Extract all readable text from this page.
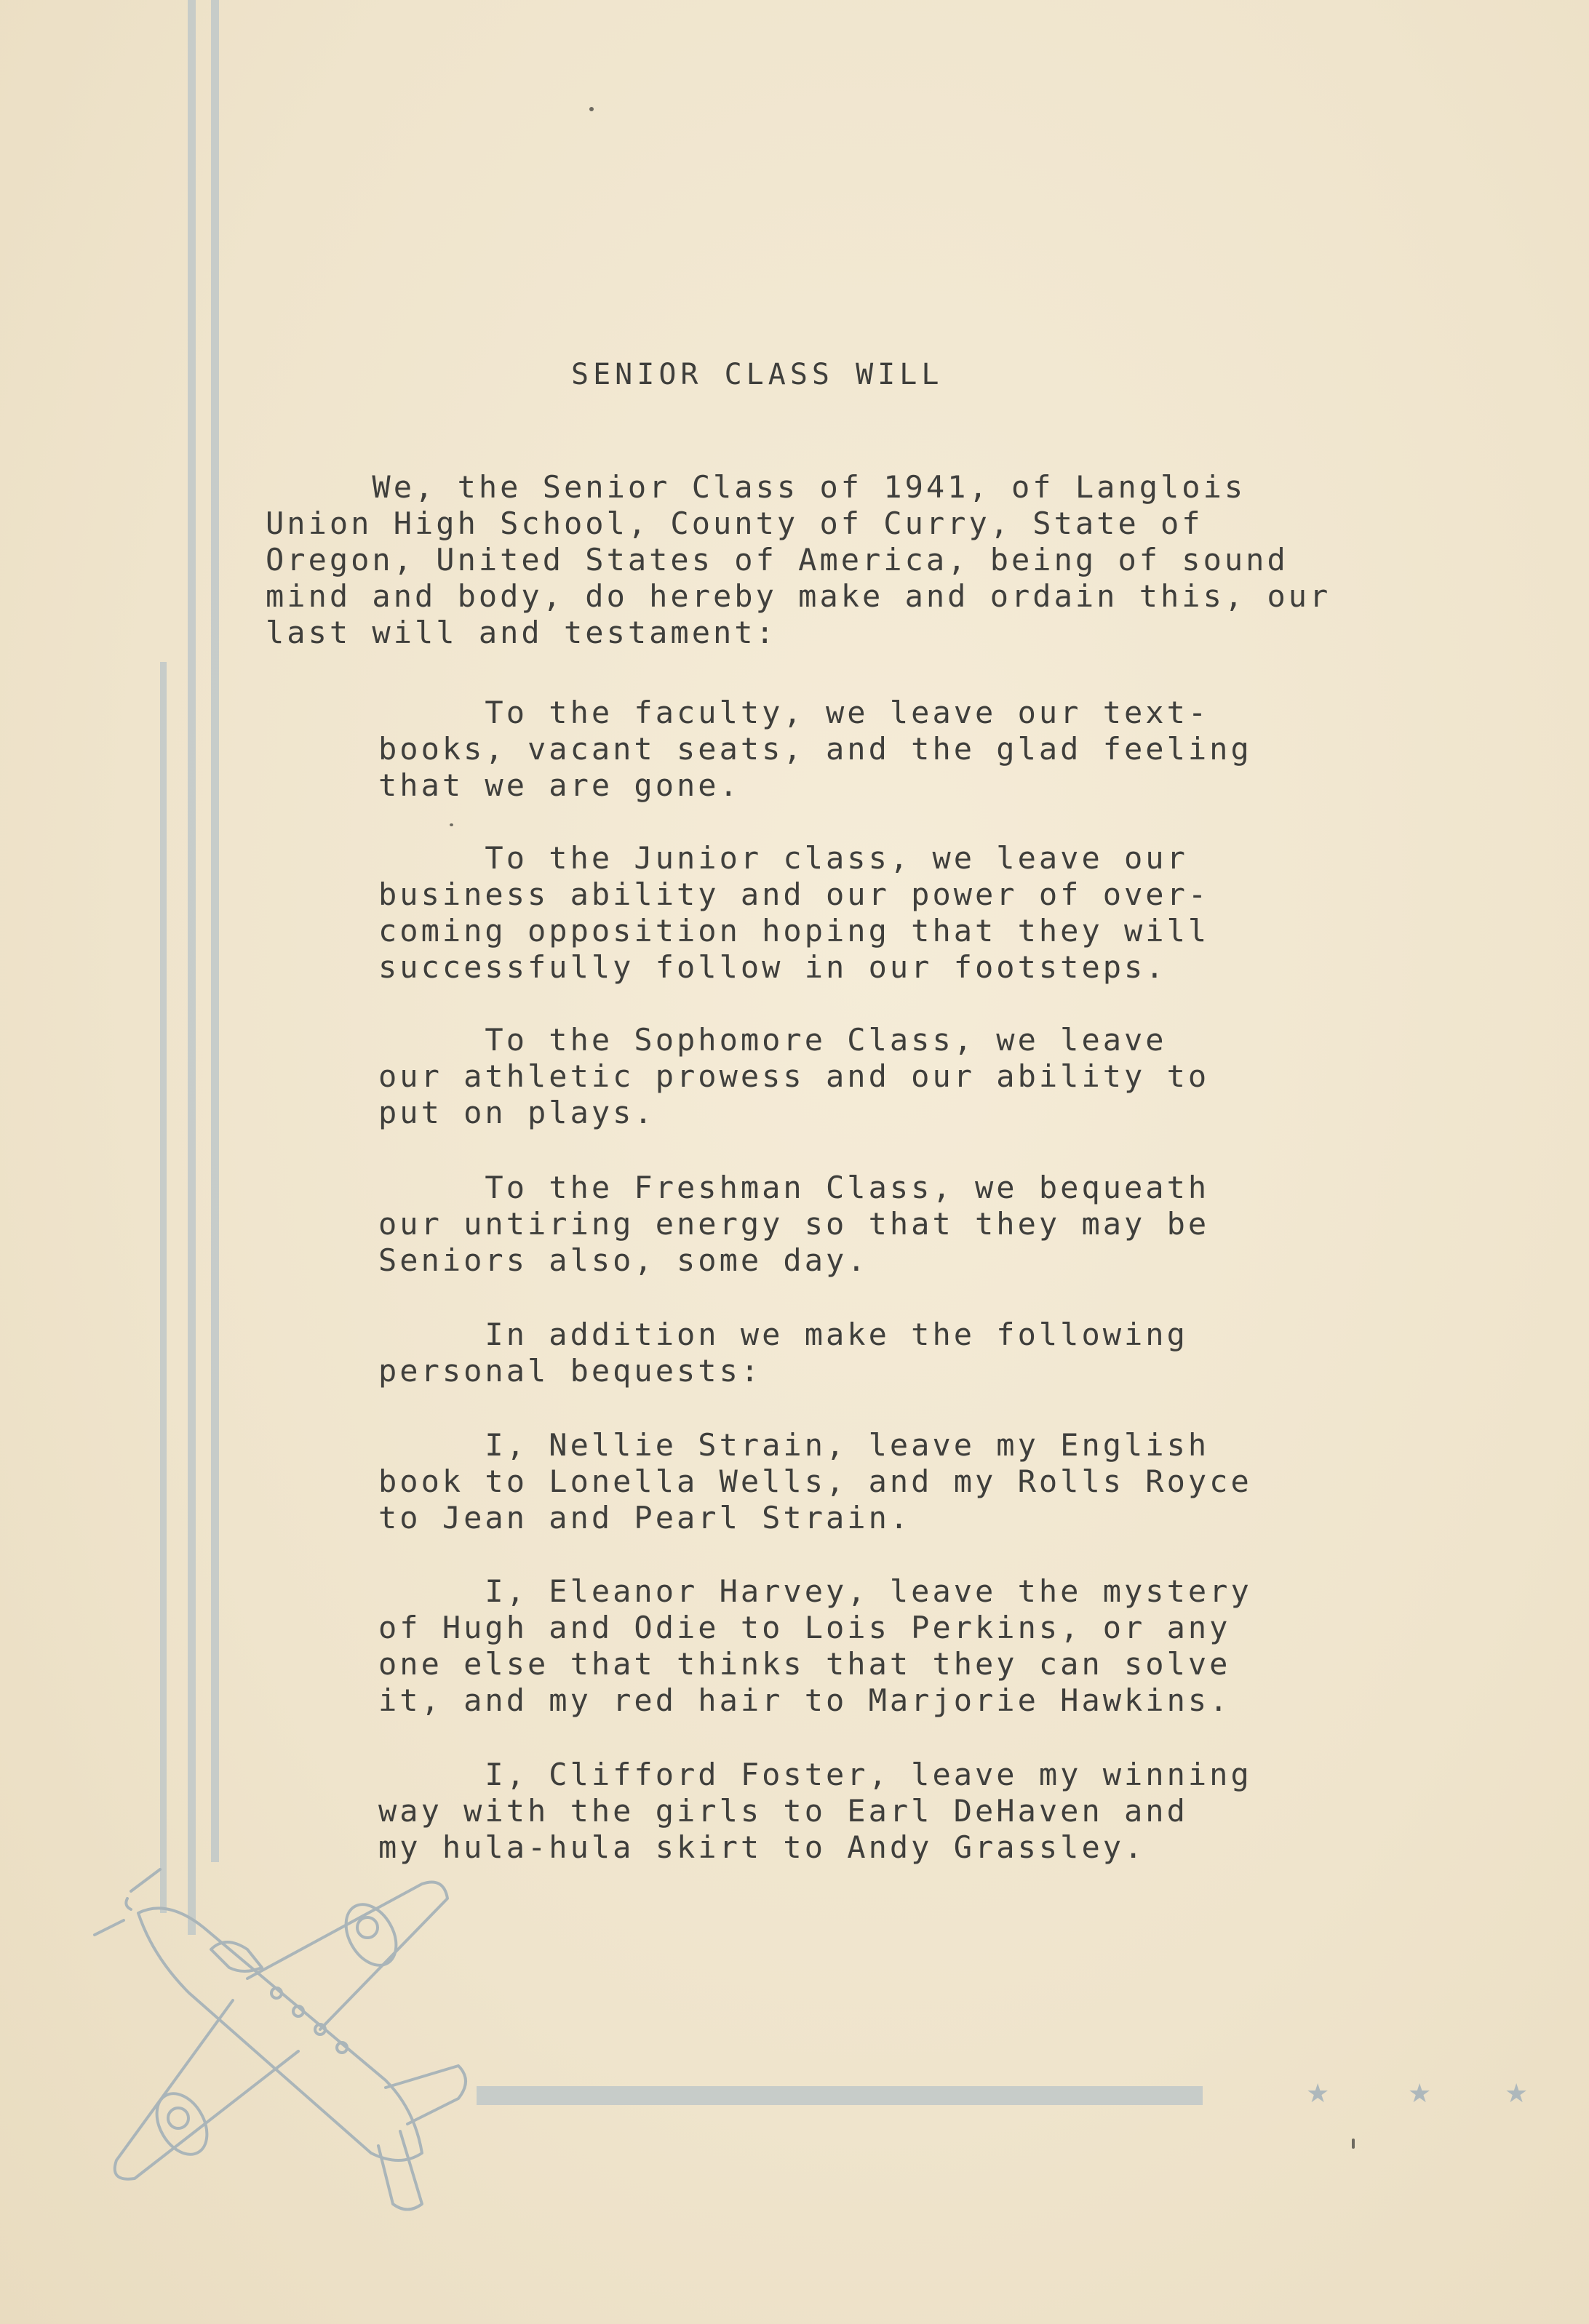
★	★	★
SENIOR CLASS WILL

We, the Senior Class of 1941, of Langlois
Union High School, County of Curry, State of
Oregon, United States of America, being of sound
mind and body, do hereby make and ordain this, our
last will and testament:

To the faculty, we leave our text-
books, vacant seats, and the glad feeling
that we are gone.

To the Junior class, we leave our
business ability and our power of over-
coming opposition hoping that they will
successfully follow in our footsteps.

To the Sophomore Class, we leave
our athletic prowess and our ability to
put on plays.

To the Freshman Class, we bequeath
our untiring energy so that they may be
Seniors also, some day.

In addition we make the following
personal bequests:

I, Nellie Strain, leave my English
book to Lonella Wells, and my Rolls Royce
to Jean and Pearl Strain.

I, Eleanor Harvey, leave the mystery
of Hugh and Odie to Lois Perkins, or any
one else that thinks that they can solve
it, and my red hair to Marjorie Hawkins.

I, Clifford Foster, leave my winning
way with the girls to Earl DeHaven and
my hula-hula skirt to Andy Grassley.
